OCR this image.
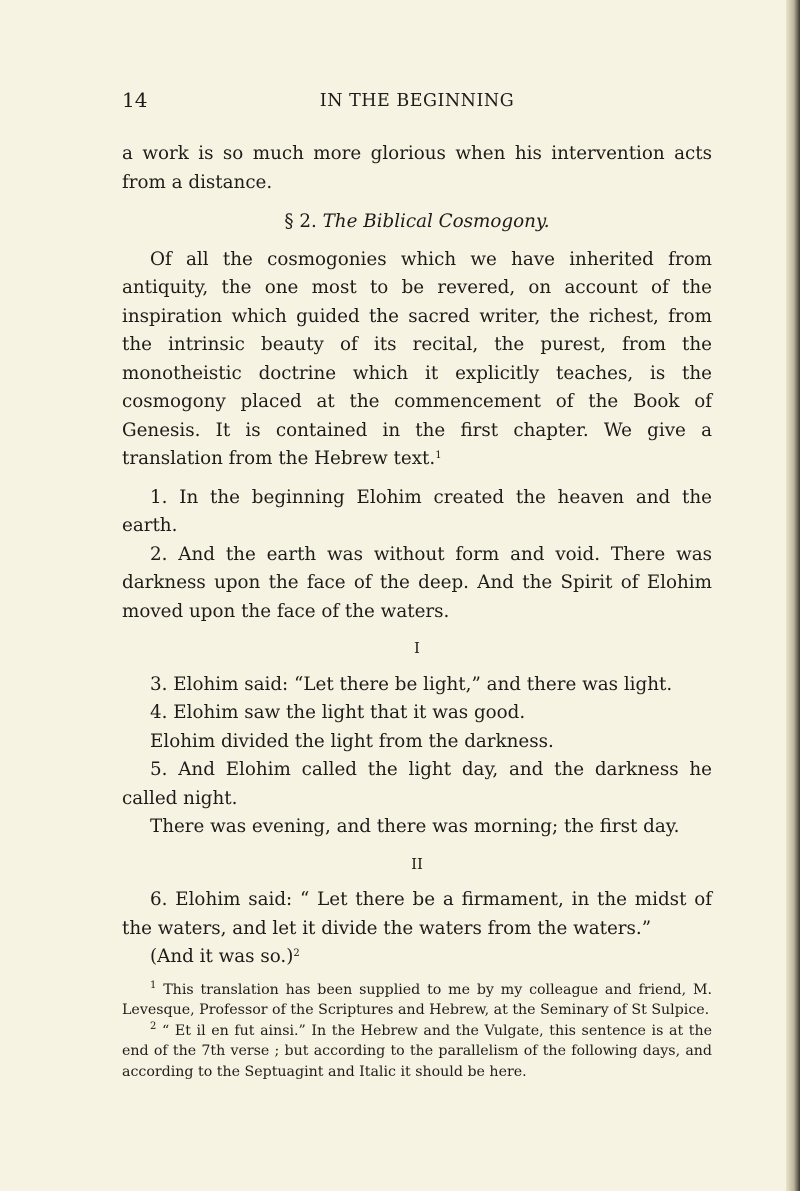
14	IN THE BEGINNING

a work is so much more glorious when his intervention acts from a distance.

§ 2. The Biblical Cosmogony.

Of all the cosmogonies which we have inherited from antiquity, the one most to be revered, on account of the inspiration which guided the sacred writer, the richest, from the intrinsic beauty of its recital, the purest, from the monotheistic doctrine which it explicitly teaches, is the cosmogony placed at the commencement of the Book of Genesis. It is contained in the first chapter. We give a translation from the Hebrew text.$^1$

1. In the beginning Elohim created the heaven and the earth.

2. And the earth was without form and void. There was darkness upon the face of the deep. And the Spirit of Elohim moved upon the face of the waters.

I

3. Elohim said: “Let there be light,” and there was light.

4. Elohim saw the light that it was good.

Elohim divided the light from the darkness.

5. And Elohim called the light day, and the darkness he called night.

There was evening, and there was morning; the first day.

II

6. Elohim said: “ Let there be a firmament, in the midst of the waters, and let it divide the waters from the waters.”

(And it was so.)$^2$

$^1$ This translation has been supplied to me by my colleague and friend, M. Levesque, Professor of the Scriptures and Hebrew, at the Seminary of St Sulpice.

$^2$ “ Et il en fut ainsi.” In the Hebrew and the Vulgate, this sentence is at the end of the 7th verse ; but according to the parallelism of the following days, and according to the Septuagint and Italic it should be here.
